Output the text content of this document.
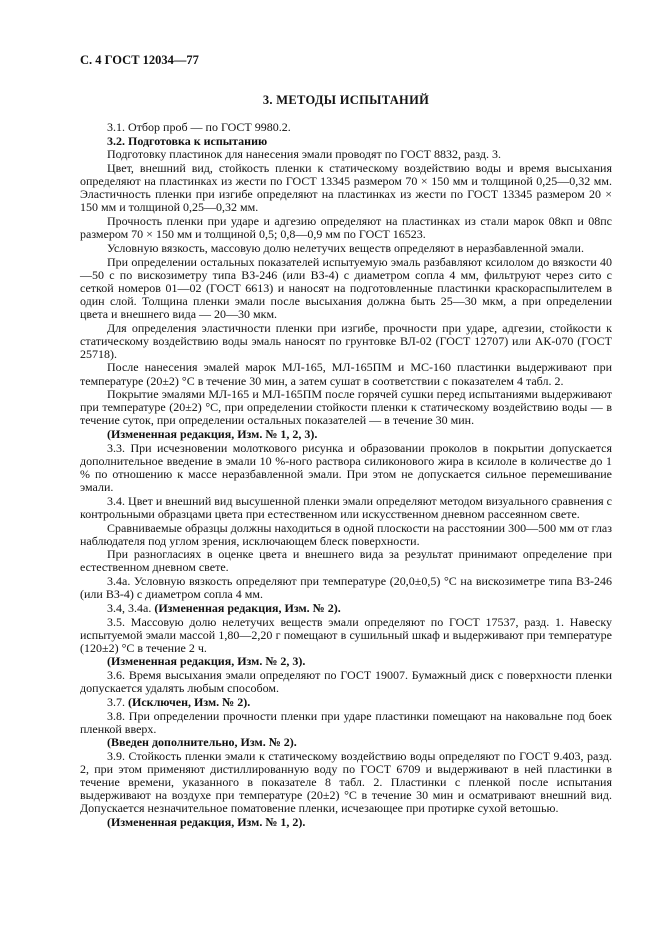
С. 4 ГОСТ 12034—77
3. МЕТОДЫ ИСПЫТАНИЙ

3.1. Отбор проб — по ГОСТ 9980.2.

3.2. Подготовка к испытанию

Подготовку пластинок для нанесения эмали проводят по ГОСТ 8832, разд. 3.

Цвет, внешний вид, стойкость пленки к статическому воздействию воды и время высыхания определяют на пластинках из жести по ГОСТ 13345 размером 70 × 150 мм и толщиной 0,25—0,32 мм. Эластичность пленки при изгибе определяют на пластинках из жести по ГОСТ 13345 размером 20 × 150 мм и толщиной 0,25—0,32 мм.

Прочность пленки при ударе и адгезию определяют на пластинках из стали марок 08кп и 08пс размером 70 × 150 мм и толщиной 0,5; 0,8—0,9 мм по ГОСТ 16523.

Условную вязкость, массовую долю нелетучих веществ определяют в неразбавленной эмали.

При определении остальных показателей испытуемую эмаль разбавляют ксилолом до вязкости 40—50 с по вискозиметру типа ВЗ-246 (или ВЗ-4) с диаметром сопла 4 мм, фильтруют через сито с сеткой номеров 01—02 (ГОСТ 6613) и наносят на подготовленные пластинки краскораспылителем в один слой. Толщина пленки эмали после высыхания должна быть 25—30 мкм, а при определении цвета и внешнего вида — 20—30 мкм.

Для определения эластичности пленки при изгибе, прочности при ударе, адгезии, стойкости к статическому воздействию воды эмаль наносят по грунтовке ВЛ-02 (ГОСТ 12707) или АК-070 (ГОСТ 25718).

После нанесения эмалей марок МЛ-165, МЛ-165ПМ и МС-160 пластинки выдерживают при температуре (20±2) °С в течение 30 мин, а затем сушат в соответствии с показателем 4 табл. 2.

Покрытие эмалями МЛ-165 и МЛ-165ПМ после горячей сушки перед испытаниями выдерживают при температуре (20±2) °С, при определении стойкости пленки к статическому воздействию воды — в течение суток, при определении остальных показателей — в течение 30 мин.

(Измененная редакция, Изм. № 1, 2, 3).

3.3. При исчезновении молоткового рисунка и образовании проколов в покрытии допускается дополнительное введение в эмали 10 %-ного раствора силиконового жира в ксилоле в количестве до 1 % по отношению к массе неразбавленной эмали. При этом не допускается сильное перемешивание эмали.

3.4. Цвет и внешний вид высушенной пленки эмали определяют методом визуального сравнения с контрольными образцами цвета при естественном или искусственном дневном рассеянном свете.

Сравниваемые образцы должны находиться в одной плоскости на расстоянии 300—500 мм от глаз наблюдателя под углом зрения, исключающем блеск поверхности.

При разногласиях в оценке цвета и внешнего вида за результат принимают определение при естественном дневном свете.

3.4а. Условную вязкость определяют при температуре (20,0±0,5) °С на вискозиметре типа ВЗ-246 (или ВЗ-4) с диаметром сопла 4 мм.

3.4, 3.4а. (Измененная редакция, Изм. № 2).

3.5. Массовую долю нелетучих веществ эмали определяют по ГОСТ 17537, разд. 1. Навеску испытуемой эмали массой 1,80—2,20 г помещают в сушильный шкаф и выдерживают при температуре (120±2) °С в течение 2 ч.

(Измененная редакция, Изм. № 2, 3).

3.6. Время высыхания эмали определяют по ГОСТ 19007. Бумажный диск с поверхности пленки допускается удалять любым способом.

3.7. (Исключен, Изм. № 2).

3.8. При определении прочности пленки при ударе пластинки помещают на наковальне под боек пленкой вверх.

(Введен дополнительно, Изм. № 2).

3.9. Стойкость пленки эмали к статическому воздействию воды определяют по ГОСТ 9.403, разд. 2, при этом применяют дистиллированную воду по ГОСТ 6709 и выдерживают в ней пластинки в течение времени, указанного в показателе 8 табл. 2. Пластинки с пленкой после испытания выдерживают на воздухе при температуре (20±2) °С в течение 30 мин и осматривают внешний вид. Допускается незначительное поматовение пленки, исчезающее при протирке сухой ветошью.

(Измененная редакция, Изм. № 1, 2).
